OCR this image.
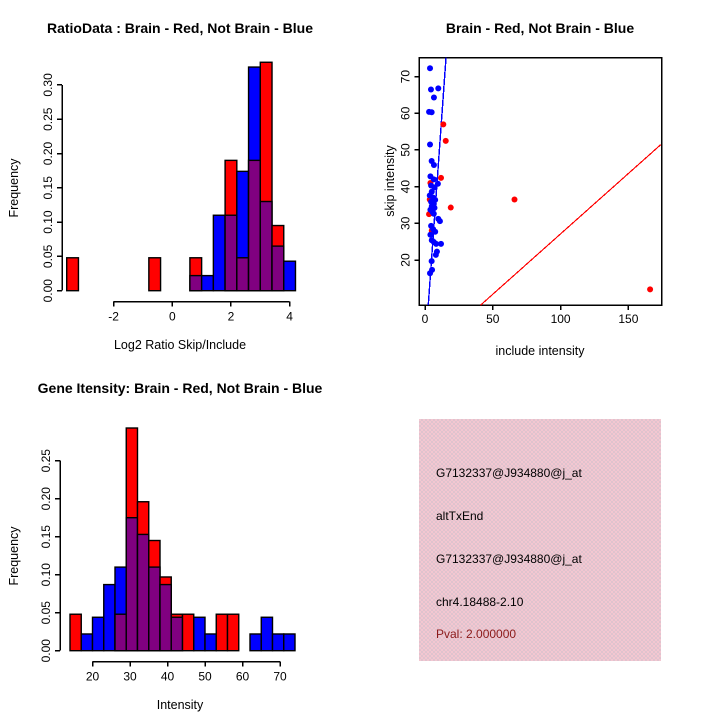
0.00
0.05
0.10
0.15
0.20
0.25
0.30
-2	0	2	4
RatioData : Brain - Red, Not Brain - Blue
Log2 Ratio Skip/Include
Frequency
0	50	100	150
20
30
40
50
60
70
Brain - Red, Not Brain - Blue
include intensity
skip intensity
0.00
0.05
0.10
0.15
0.20
0.25
20 30 40 50 60 70
Gene Itensity: Brain - Red, Not Brain - Blue
Intensity
Frequency
G7132337@J934880@j_at
altTxEnd
G7132337@J934880@j_at
chr4.18488-2.10
Pval: 2.000000
